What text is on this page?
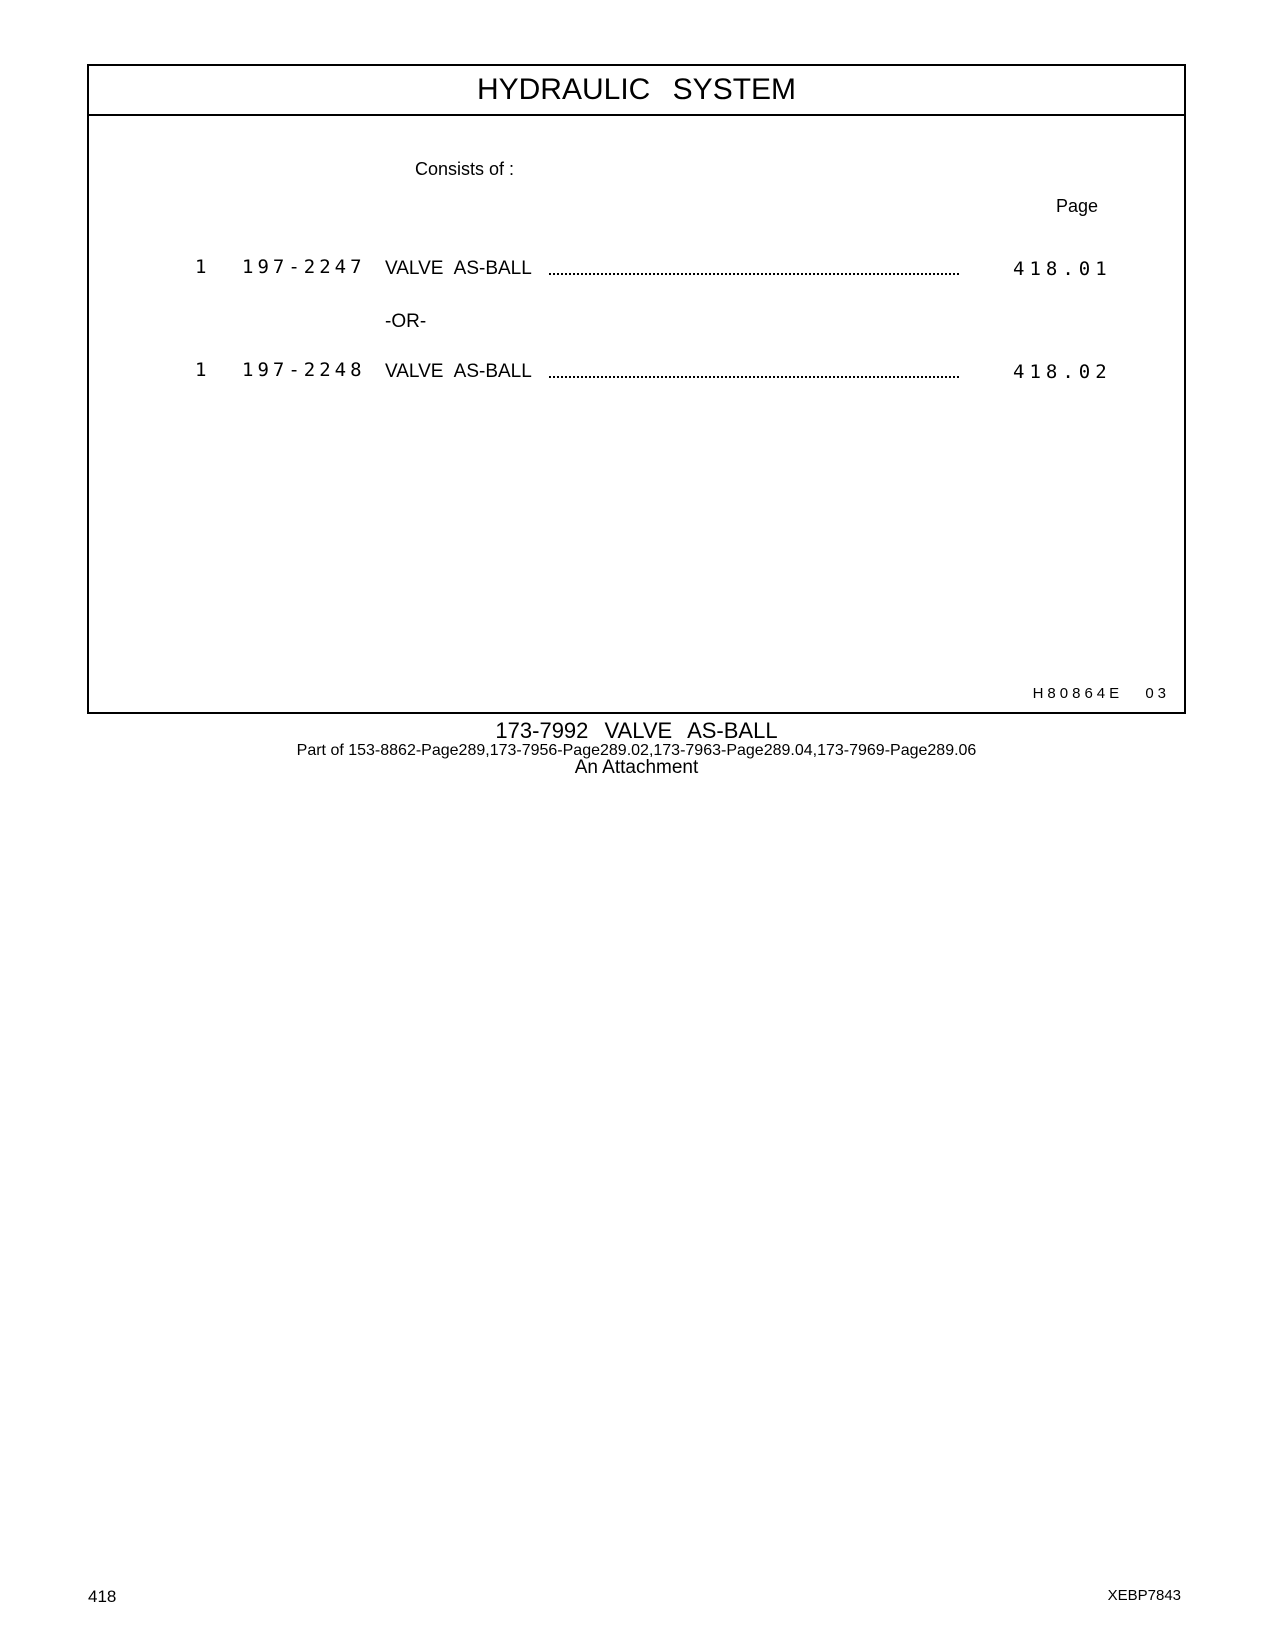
HYDRAULIC SYSTEM
Consists of :
Page
1 197-2247 VALVE AS-BALL	418.01
-OR-
1 197-2248 VALVE AS-BALL	418.02
H80864E 03
173-7992 VALVE AS-BALL
Part of 153-8862-Page289,173-7956-Page289.02,173-7963-Page289.04,173-7969-Page289.06
An Attachment
418	XEBP7843
